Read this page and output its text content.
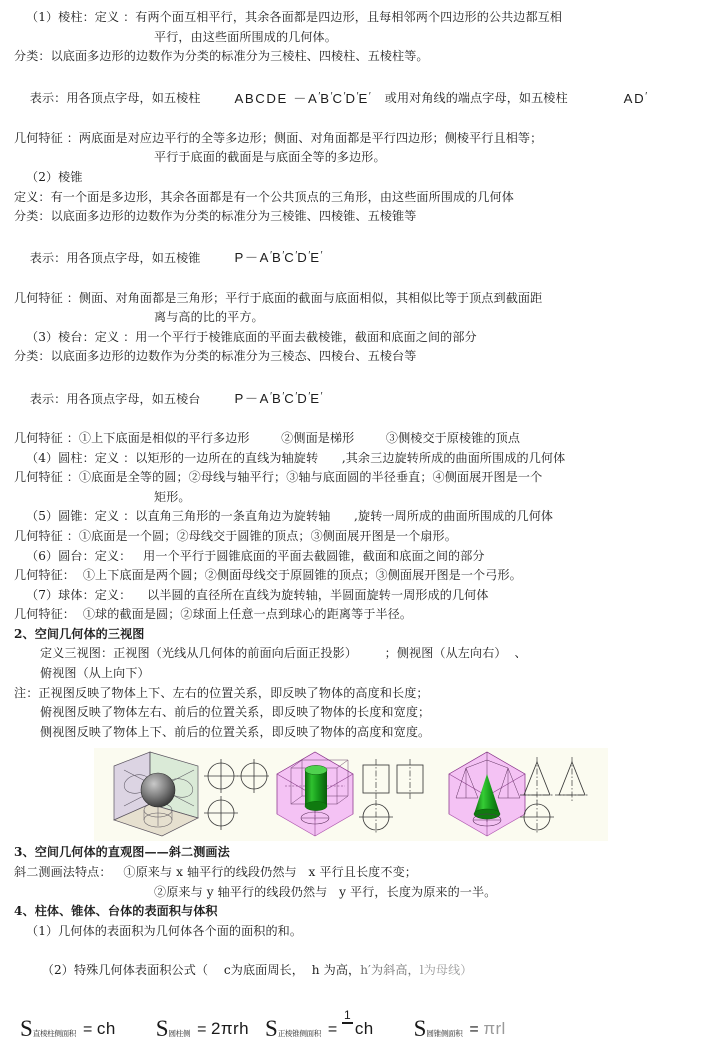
（1）棱柱：定义 ：有两个面互相平行，其余各面都是四边形，且每相邻两个四边形的公共边都互相
平行，由这些面所围成的几何体。
分类：以底面多边形的边数作为分类的标准分为三棱柱、四棱柱、五棱柱等。

表示：用各顶点字母，如五棱柱	ABCDE －A′B′C′D′E′ 或用对角线的端点字母，如五棱柱	AD′

几何特征 ：两底面是对应边平行的全等多边形；侧面、对角面都是平行四边形；侧棱平行且相等；
平行于底面的截面是与底面全等的多边形。
（2）棱锥
定义：有一个面是多边形，其余各面都是有一个公共顶点的三角形，由这些面所围成的几何体
分类：以底面多边形的边数作为分类的标准分为三棱锥、四棱锥、五棱锥等

表示：用各顶点字母，如五棱锥	P－A′B′C′D′E′

几何特征 ：侧面、对角面都是三角形；平行于底面的截面与底面相似，其相似比等于顶点到截面距
离与高的比的平方。
（3）棱台：定义 ：用一个平行于棱锥底面的平面去截棱锥，截面和底面之间的部分
分类：以底面多边形的边数作为分类的标准分为三棱态、四棱台、五棱台等

表示：用各顶点字母，如五棱台	P－A′B′C′D′E′

几何特征 ：①上下底面是相似的平行多边形        ②侧面是梯形        ③侧棱交于原棱锥的顶点
（4）圆柱：定义 ：以矩形的一边所在的直线为轴旋转      ,其余三边旋转所成的曲面所围成的几何体
几何特征 ：①底面是全等的圆；②母线与轴平行；③轴与底面圆的半径垂直；④侧面展开图是一个
矩形。
（5）圆锥：定义 ：以直角三角形的一条直角边为旋转轴      ,旋转一周所成的曲面所围成的几何体
几何特征 ：①底面是一个圆；②母线交于圆锥的顶点；③侧面展开图是一个扇形。
（6）圆台：定义：   用一个平行于圆锥底面的平面去截圆锥，截面和底面之间的部分
几何特征：  ①上下底面是两个圆；②侧面母线交于原圆锥的顶点；③侧面展开图是一个弓形。
（7）球体：定义：    以半圆的直径所在直线为旋转轴，半圆面旋转一周形成的几何体
几何特征：  ①球的截面是圆；②球面上任意一点到球心的距离等于半径。
2、空间几何体的三视图
定义三视图：正视图（光线从几何体的前面向后面正投影）       ；侧视图（从左向右）  、
俯视图（从上向下）
注：正视图反映了物体上下、左右的位置关系，即反映了物体的高度和长度；
俯视图反映了物体左右、前后的位置关系，即反映了物体的长度和宽度；
侧视图反映了物体上下、前后的位置关系，即反映了物体的高度和宽度。
3、空间几何体的直观图——斜二测画法
斜二测画法特点：   ①原来与 x 轴平行的线段仍然与   x 平行且长度不变；
②原来与 y 轴平行的线段仍然与   y 平行，长度为原来的一半。
4、柱体、锥体、台体的表面积与体积
（1）几何体的表面积为几何体各个面的面积的和。

（2）特殊几何体表面积公式（    c为底面周长，  h 为高，h′为斜高，l为母线）

S 直棱柱侧面积 = ch S 圆柱侧 = 2πrh S 正棱锥侧面积 =
1
ch S 圆锥侧面积 = πrl
